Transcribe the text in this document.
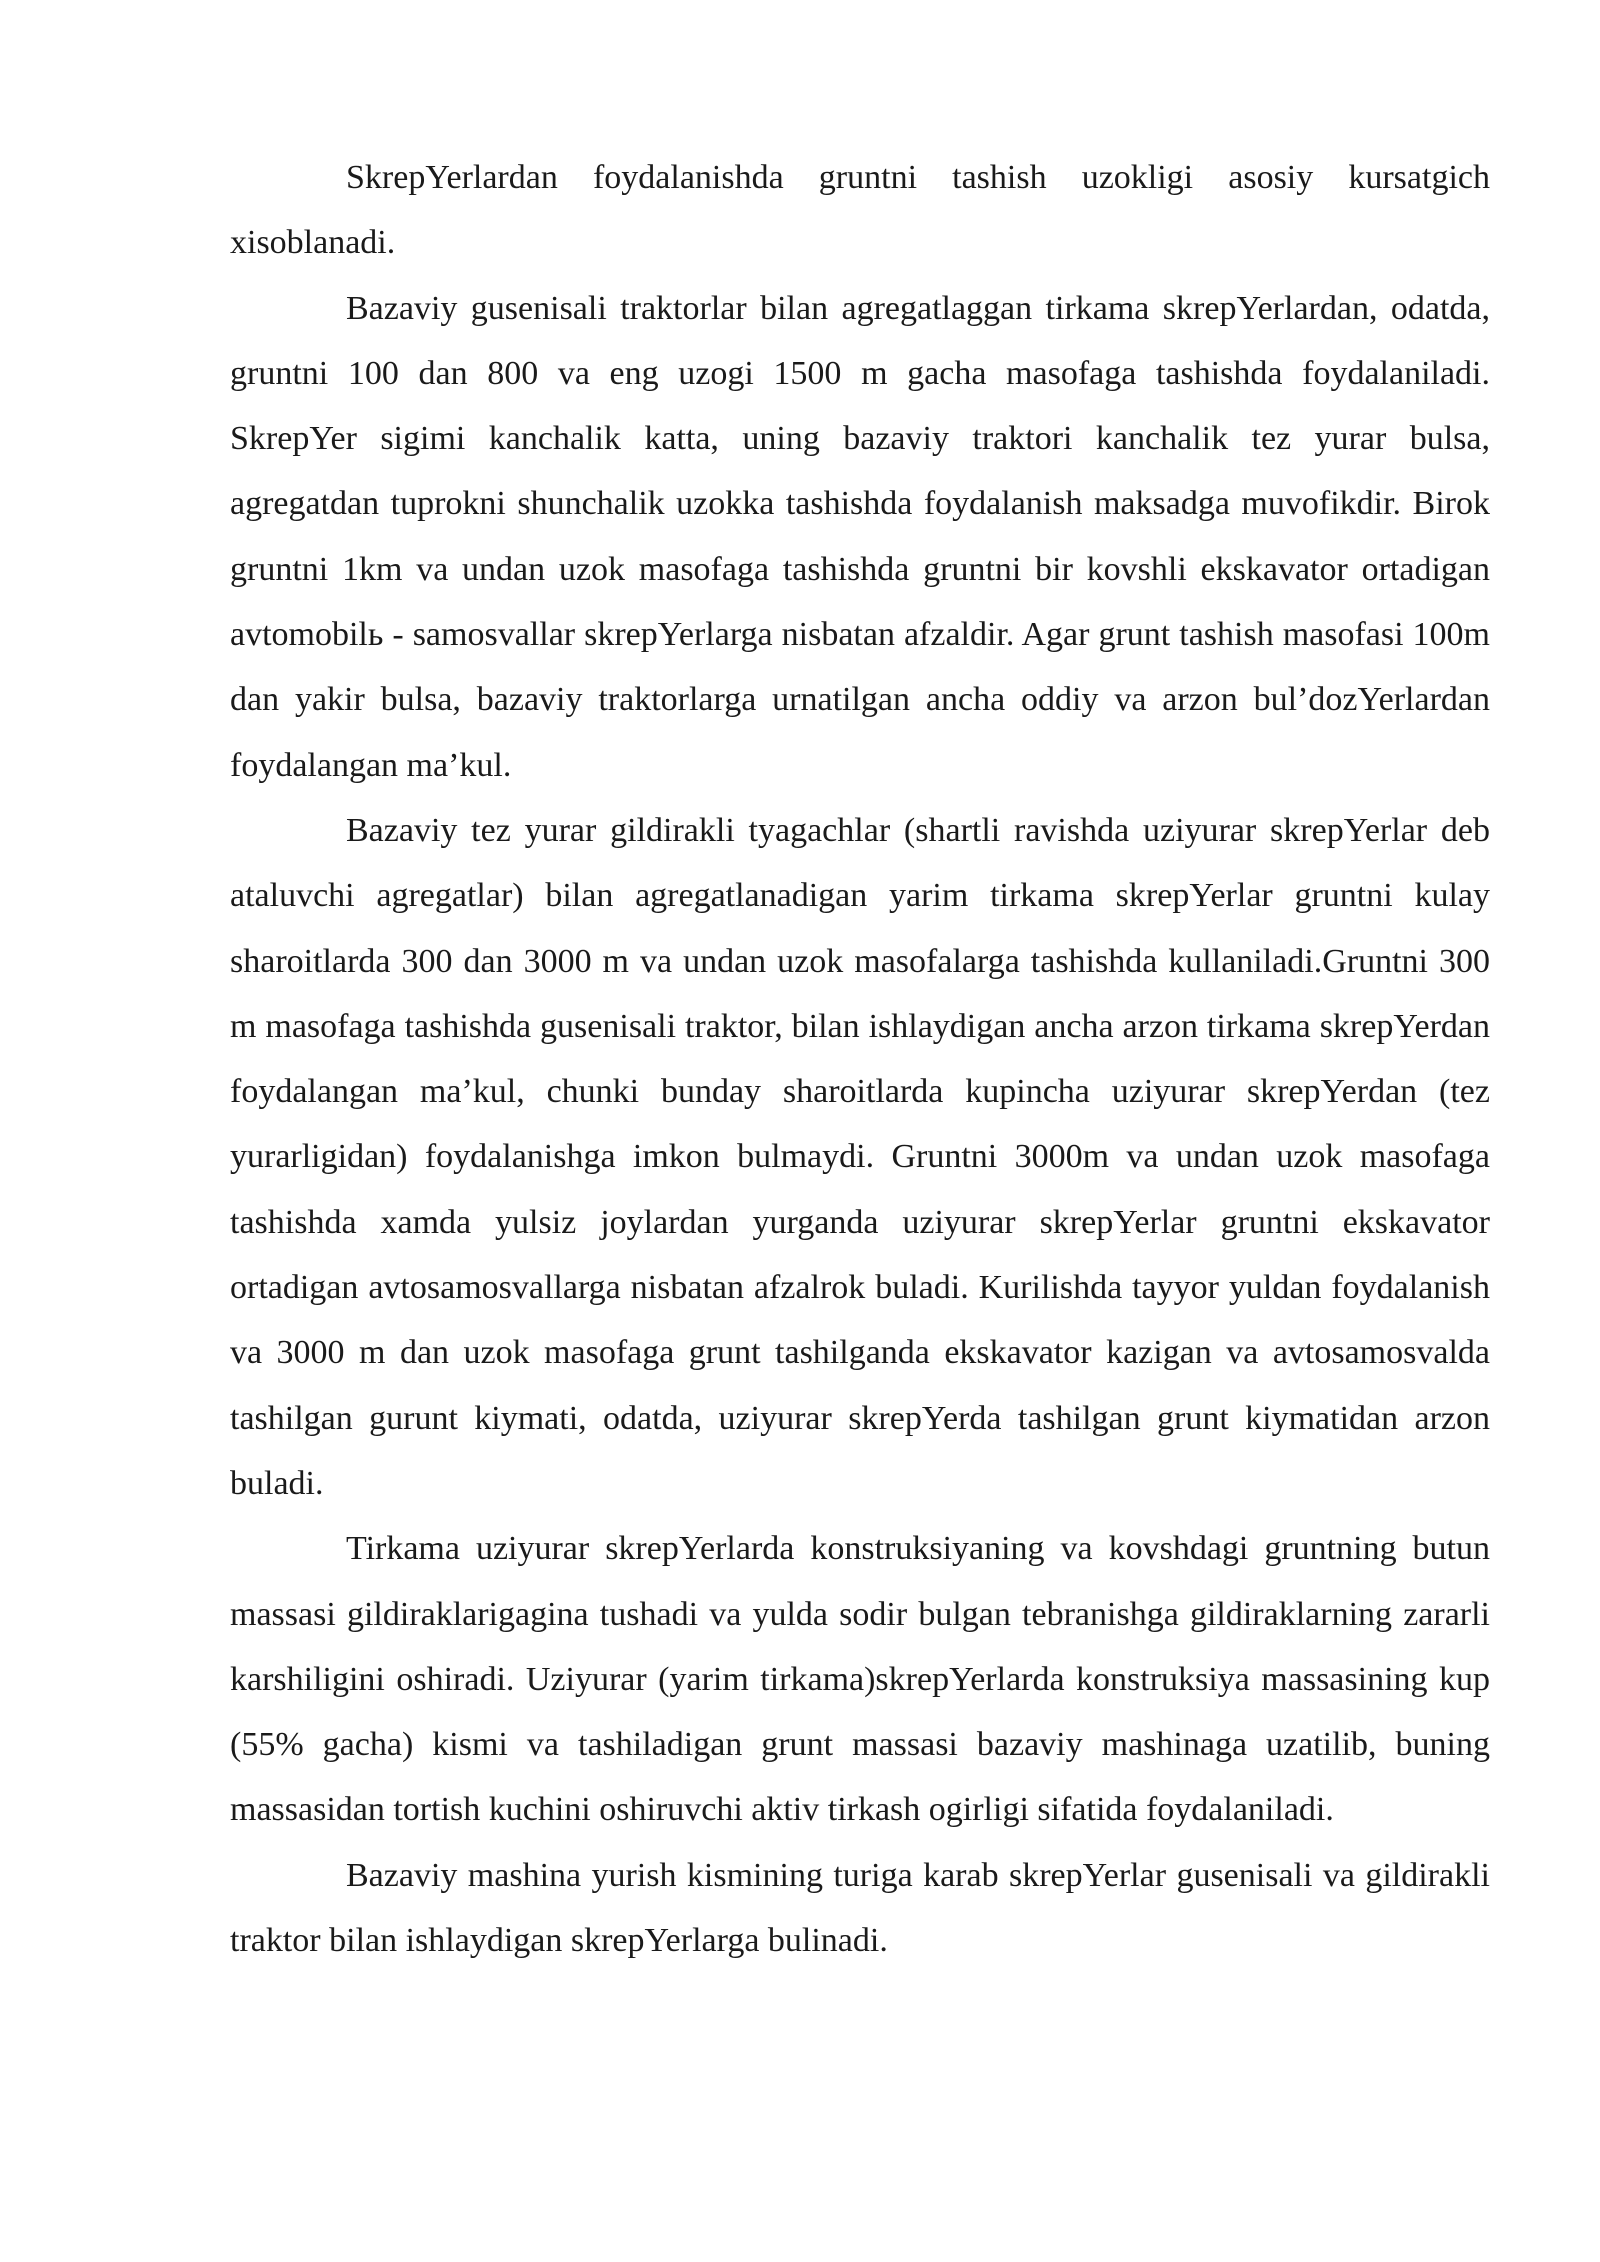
SkrepYerlardan foydalanishda gruntni tashish uzokligi asosiy kursatgich xisoblanadi.

Bazaviy gusenisali traktorlar bilan agregatlaggan tirkama skrepYerlardan, odatda, gruntni 100 dan 800 va eng uzogi 1500 m gacha masofaga tashishda foydalaniladi. SkrepYer sigimi kanchalik katta, uning bazaviy traktori kanchalik tez yurar bulsa, agregatdan tuprokni shunchalik uzokka tashishda foydalanish maksadga muvofikdir. Birok gruntni 1km va undan uzok masofaga tashishda gruntni bir kovshli ekskavator ortadigan avtomobilь - samosvallar skrepYerlarga nisbatan afzaldir. Agar grunt tashish masofasi 100m dan yakir bulsa, bazaviy traktorlarga urnatilgan ancha oddiy va arzon bul’dozYerlardan foydalangan ma’kul.

Bazaviy tez yurar gildirakli tyagachlar (shartli ravishda uziyurar skrepYerlar deb ataluvchi agregatlar) bilan agregatlanadigan yarim tirkama skrepYerlar gruntni kulay sharoitlarda 300 dan 3000 m va undan uzok masofalarga tashishda kullaniladi.Gruntni 300 m masofaga tashishda gusenisali traktor, bilan ishlaydigan ancha arzon tirkama skrepYerdan foydalangan ma’kul, chunki bunday sharoitlarda kupincha uziyurar skrepYerdan (tez yurarligidan) foydalanishga imkon bulmaydi. Gruntni 3000m va undan uzok masofaga tashishda xamda yulsiz joylardan yurganda uziyurar skrepYerlar gruntni ekskavator ortadigan avtosamosvallarga nisbatan afzalrok buladi. Kurilishda tayyor yuldan foydalanish va 3000 m dan uzok masofaga grunt tashilganda ekskavator kazigan va avtosamosvalda tashilgan gurunt kiymati, odatda, uziyurar skrepYerda tashilgan grunt kiymatidan arzon buladi.

Tirkama uziyurar skrepYerlarda konstruksiyaning va kovshdagi gruntning butun massasi gildiraklarigagina tushadi va yulda sodir bulgan tebranishga gildiraklarning zararli karshiligini oshiradi. Uziyurar (yarim tirkama)skrepYerlarda konstruksiya massasining kup (55% gacha) kismi va tashiladigan grunt massasi bazaviy mashinaga uzatilib, buning massasidan tortish kuchini oshiruvchi aktiv tirkash ogirligi sifatida foydalaniladi.

Bazaviy mashina yurish kismining turiga karab skrepYerlar gusenisali va gildirakli traktor bilan ishlaydigan skrepYerlarga bulinadi.
